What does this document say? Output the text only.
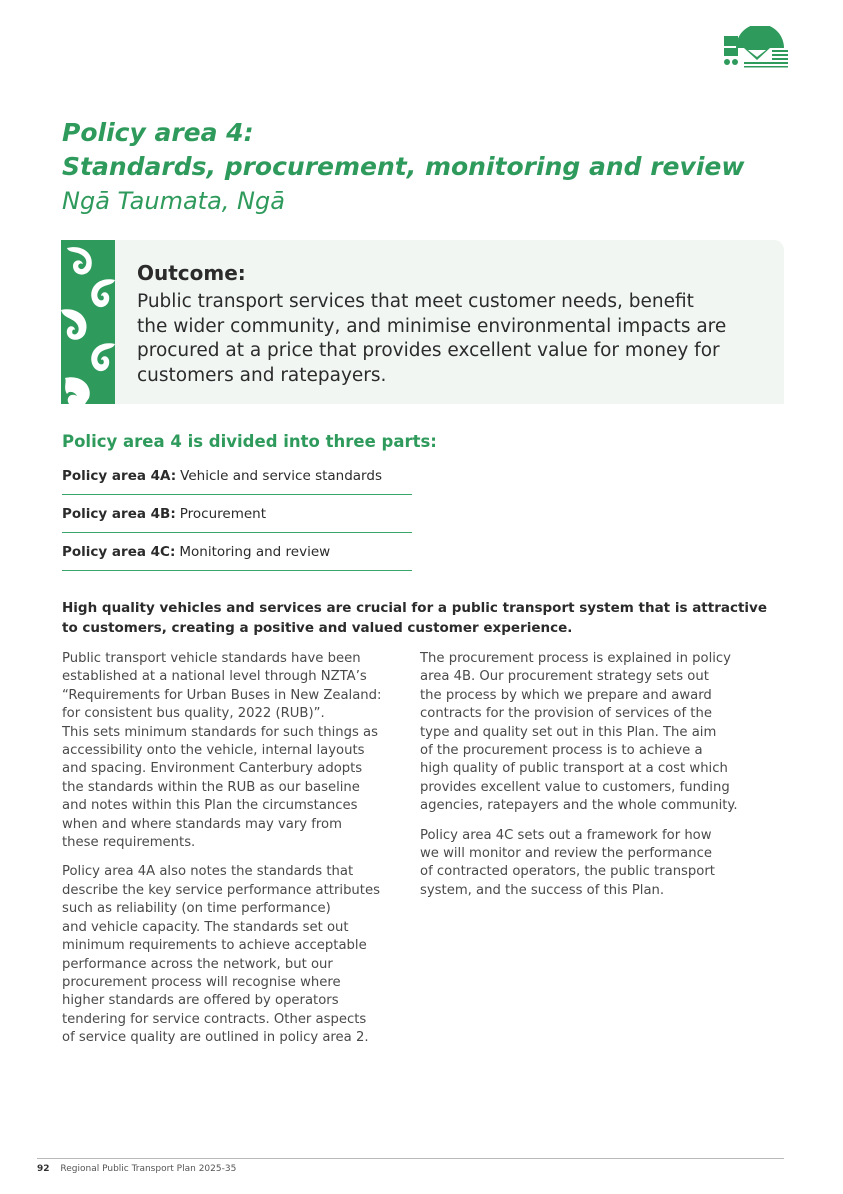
Policy area 4:
Standards, procurement, monitoring and review

Ngā Taumata, Ngā

Outcome:

Public transport services that meet customer needs, benefit
the wider community, and minimise environmental impacts are
procured at a price that provides excellent value for money for
customers and ratepayers.

Policy area 4 is divided into three parts:
Policy area 4A: Vehicle and service standards
Policy area 4B: Procurement
Policy area 4C: Monitoring and review

High quality vehicles and services are crucial for a public transport system that is attractive
to customers, creating a positive and valued customer experience.

Public transport vehicle standards have been
established at a national level through NZTA’s
“Requirements for Urban Buses in New Zealand:
for consistent bus quality, 2022 (RUB)”.
This sets minimum standards for such things as
accessibility onto the vehicle, internal layouts
and spacing. Environment Canterbury adopts
the standards within the RUB as our baseline
and notes within this Plan the circumstances
when and where standards may vary from
these requirements.

Policy area 4A also notes the standards that
describe the key service performance attributes
such as reliability (on time performance)
and vehicle capacity. The standards set out
minimum requirements to achieve acceptable
performance across the network, but our
procurement process will recognise where
higher standards are offered by operators
tendering for service contracts. Other aspects
of service quality are outlined in policy area 2.

The procurement process is explained in policy
area 4B. Our procurement strategy sets out
the process by which we prepare and award
contracts for the provision of services of the
type and quality set out in this Plan. The aim
of the procurement process is to achieve a
high quality of public transport at a cost which
provides excellent value to customers, funding
agencies, ratepayers and the whole community.

Policy area 4C sets out a framework for how
we will monitor and review the performance
of contracted operators, the public transport
system, and the success of this Plan.

92 Regional Public Transport Plan 2025-35
